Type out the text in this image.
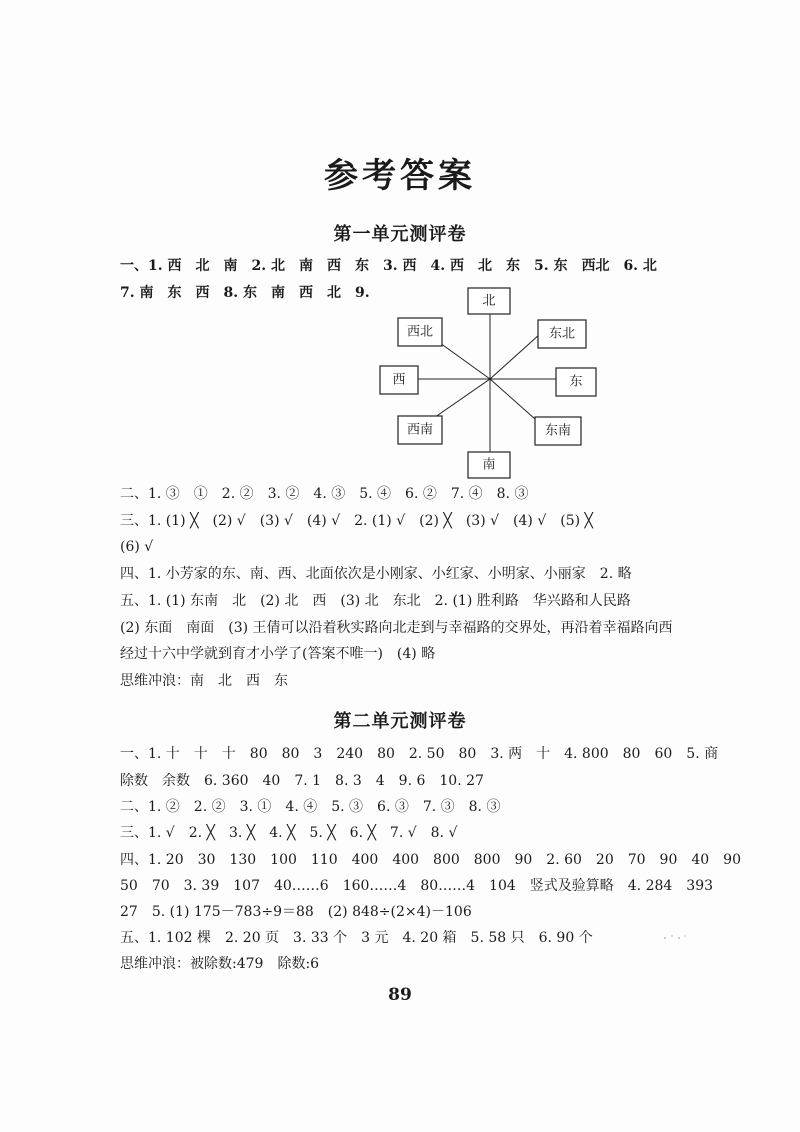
参考答案
第一单元测评卷
一、1. 西　北　南　2. 北　南　西　东　3. 西　4. 西　北　东　5. 东　西北　6. 北
7. 南　东　西　8. 东　南　西　北　9.	北
西北	东北
西	东
西南	东南
南
二、1. ③　①　2. ②　3. ②　4. ③　5. ④　6. ②　7. ④　8. ③
三、1. (1) ╳　(2) √　(3) √　(4) √　2. (1) √　(2) ╳　(3) √　(4) √　(5) ╳
(6) √
四、1. 小芳家的东、南、西、北面依次是小刚家、小红家、小明家、小丽家　2. 略
五、1. (1) 东南　北　(2) 北　西　(3) 北　东北　2. (1) 胜利路　华兴路和人民路
(2) 东面　南面　(3) 王倩可以沿着秋实路向北走到与幸福路的交界处，再沿着幸福路向西
经过十六中学就到育才小学了(答案不唯一)　(4) 略
思维冲浪：南　北　西　东
第二单元测评卷
一、1. 十　十　十　80　80　3　240　80　2. 50　80　3. 两　十　4. 800　80　60　5. 商
除数　余数　6. 360　40　7. 1　8. 3　4　9. 6　10. 27
二、1. ②　2. ②　3. ①　4. ④　5. ③　6. ③　7. ③　8. ③
三、1. √　2. ╳　3. ╳　4. ╳　5. ╳　6. ╳　7. √　8. √
四、1. 20　30　130　100　110　400　400　800　800　90　2. 60　20　70　90　40　90
50　70　3. 39　107　40……6　160……4　80……4　104　竖式及验算略　4. 284　393
27　5. (1) 175－783÷9＝88　(2) 848÷(2×4)－106
五、1. 102 棵　2. 20 页　3. 33 个　3 元　4. 20 箱　5. 58 只　6. 90 个
思维冲浪：被除数:479　除数:6
89
